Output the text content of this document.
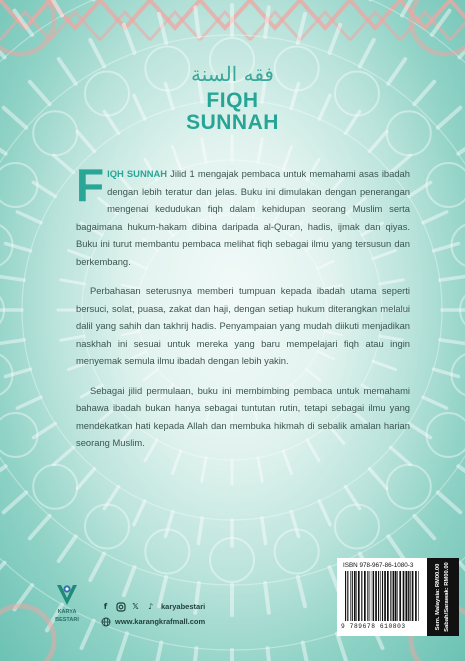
فقه السنة
FIQH
SUNNAH

FIQH SUNNAH Jilid 1 mengajak pembaca untuk memahami asas ibadah dengan lebih teratur dan jelas. Buku ini dimulakan dengan penerangan mengenai kedudukan fiqh dalam kehidupan seorang Muslim serta bagaimana hukum-hakam dibina daripada al-Quran, hadis, ijmak dan qiyas. Buku ini turut membantu pembaca melihat fiqh sebagai ilmu yang tersusun dan berkembang.

Perbahasan seterusnya memberi tumpuan kepada ibadah utama seperti bersuci, solat, puasa, zakat dan haji, dengan setiap hukum diterangkan melalui dalil yang sahih dan takhrij hadis. Penyampaian yang mudah diikuti menjadikan naskhah ini sesuai untuk mereka yang baru mempelajari fiqh atau ingin menyemak semula ilmu ibadah dengan lebih yakin.

Sebagai jilid permulaan, buku ini membimbing pembaca untuk memahami bahawa ibadah bukan hanya sebagai tuntutan rutin, tetapi sebagai ilmu yang mendekatkan hati kepada Allah dan membuka hikmah di sebalik amalan harian seorang Muslim.

KARYA
BESTARI
f	𝕏	♪	karyabestari
www.karangkrafmall.com
ISBN 978-967-86-1080-3
9 789678 610803	Sem. Malaysia: RM00.00 Sabah/Sarawak: RM00.00
